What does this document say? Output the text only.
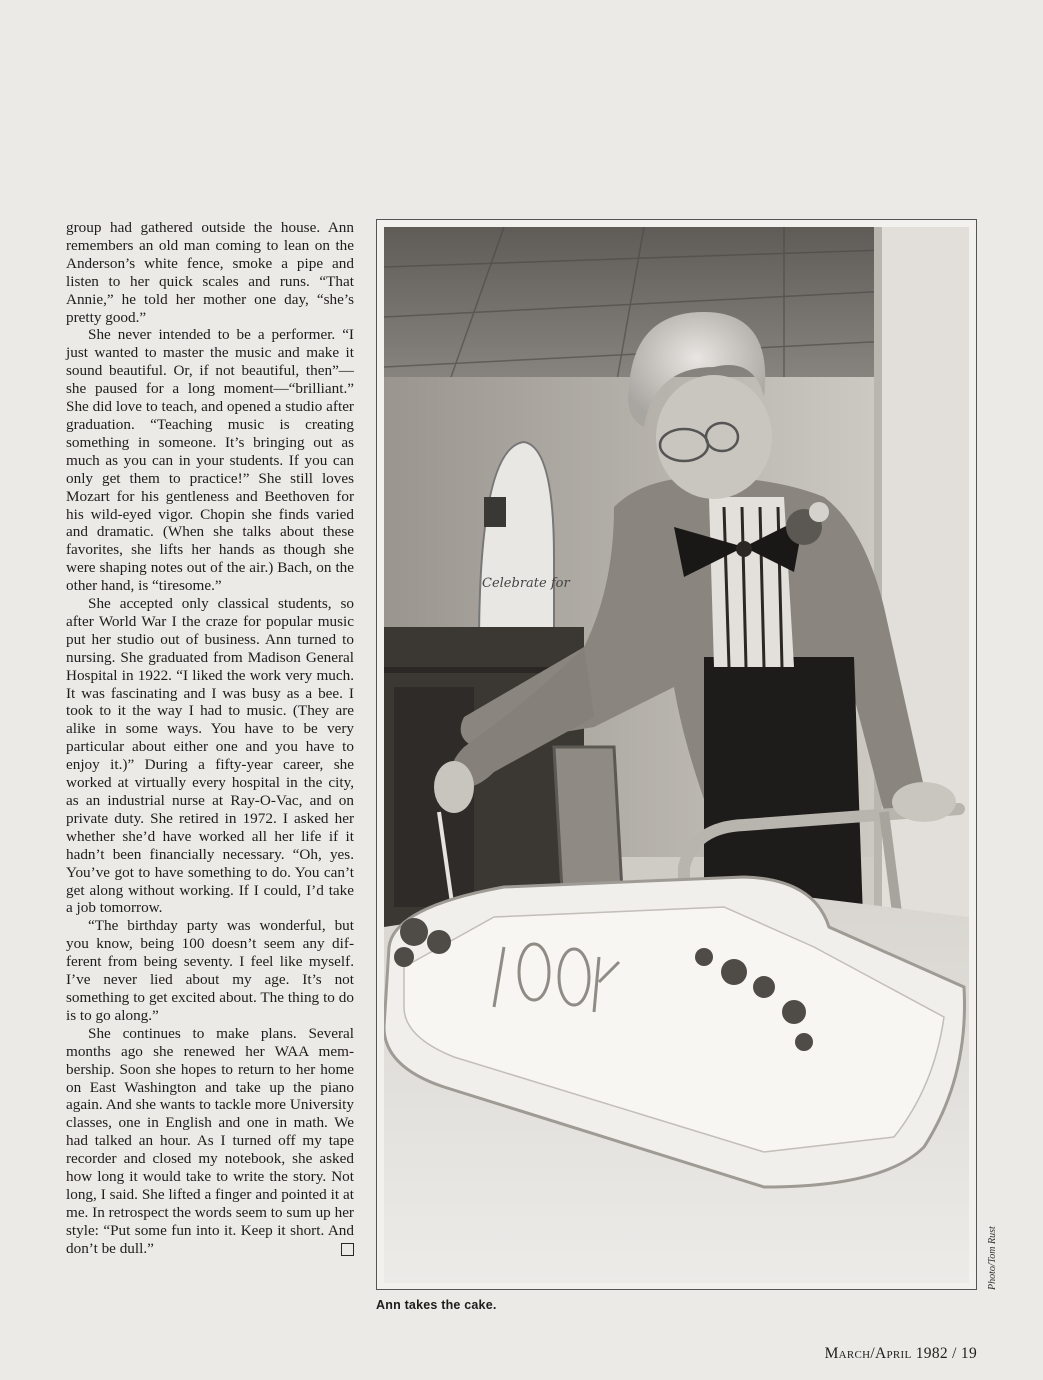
group had gathered outside the house. Ann remembers an old man coming to lean on the Anderson’s white fence, smoke a pipe and listen to her quick scales and runs. “That Annie,” he told her mother one day, “she’s pretty good.”

She never intended to be a performer. “I just wanted to master the music and make it sound beautiful. Or, if not beautiful, then”—she paused for a long moment—“brilliant.” She did love to teach, and opened a studio after graduation. “Teaching music is creating something in someone. It’s bringing out as much as you can in your students. If you can only get them to practice!” She still loves Mozart for his gentleness and Beethoven for his wild-eyed vigor. Chopin she finds varied and dramatic. (When she talks about these favorites, she lifts her hands as though she were shaping notes out of the air.) Bach, on the other hand, is “tiresome.”

She accepted only classical students, so after World War I the craze for popular music put her studio out of business. Ann turned to nursing. She graduated from Madison General Hospital in 1922. “I liked the work very much. It was fascinating and I was busy as a bee. I took to it the way I had to music. (They are alike in some ways. You have to be very particular about either one and you have to enjoy it.)” During a fifty-year career, she worked at virtually every hospital in the city, as an industrial nurse at Ray-O-Vac, and on private duty. She retired in 1972. I asked her whether she’d have worked all her life if it hadn’t been financially necessary. “Oh, yes. You’ve got to have something to do. You can’t get along without working. If I could, I’d take a job tomorrow.

“The birthday party was wonderful, but you know, being 100 doesn’t seem any different from being seventy. I feel like myself. I’ve never lied about my age. It’s not something to get excited about. The thing to do is to go along.”

She continues to make plans. Several months ago she renewed her WAA membership. Soon she hopes to return to her home on East Washington and take up the piano again. And she wants to tackle more University classes, one in English and one in math. We had talked an hour. As I turned off my tape recorder and closed my notebook, she asked how long it would take to write the story. Not long, I said. She lifted a finger and pointed it at me. In retrospect the words seem to sum up her style: “Put some fun into it. Keep it short. And don’t be dull.”

Celebrate for
Ann takes the cake.
Photo/Tom Rust
March/April 1982 / 19
